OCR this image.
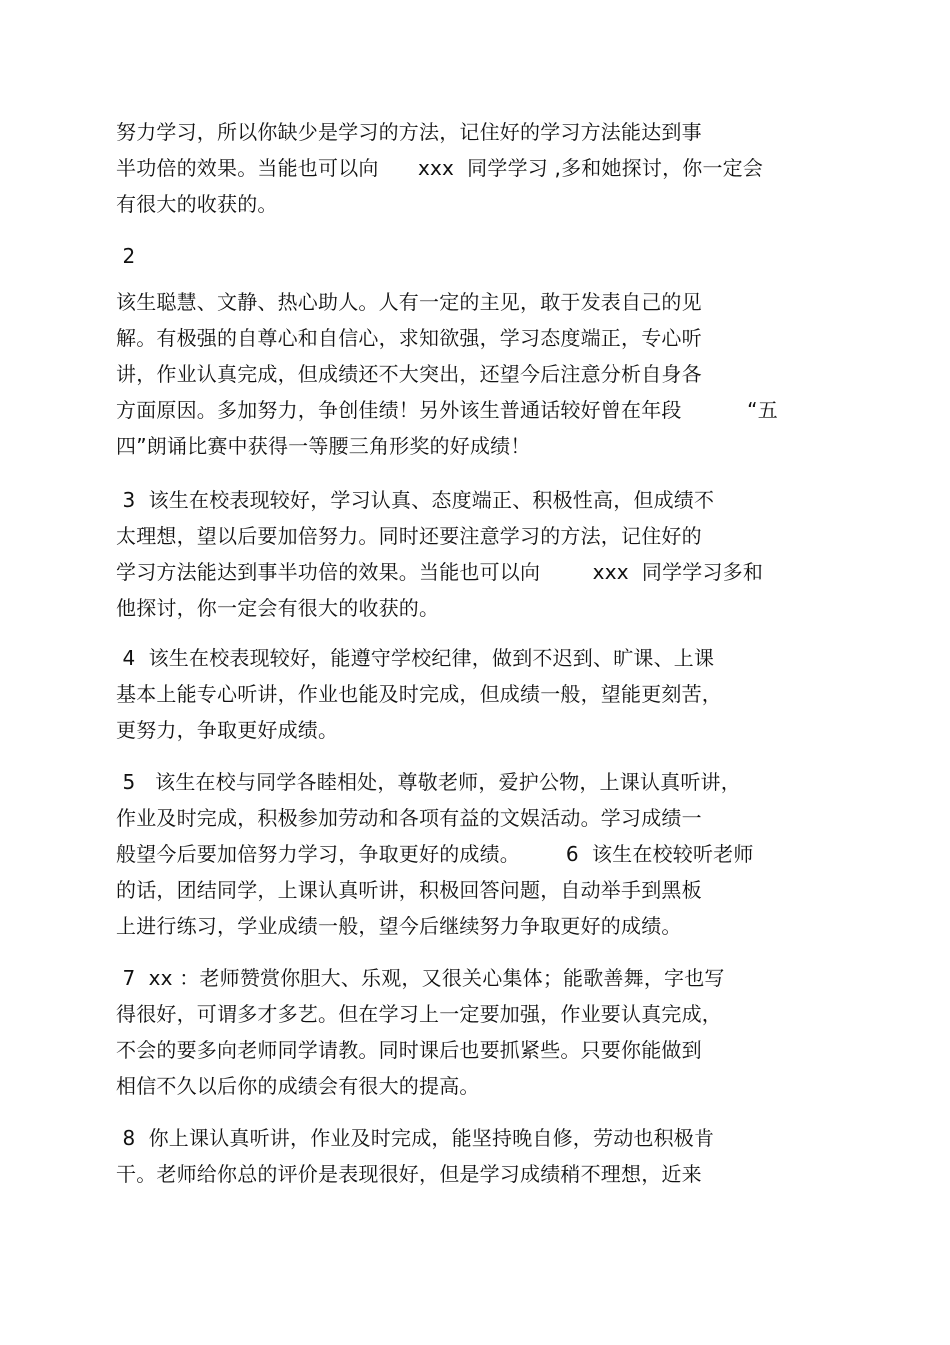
努力学习，所以你缺少是学习的方法，记住好的学习方法能达到事
半功倍的效果。当能也可以向      xxx  同学学习 ,多和她探讨，你一定会
有很大的收获的。
2
该生聪慧、文静、热心助人。人有一定的主见，敢于发表自己的见
解。有极强的自尊心和自信心，求知欲强，学习态度端正，专心听
讲，作业认真完成，但成绩还不大突出，还望今后注意分析自身各
方面原因。多加努力，争创佳绩！另外该生普通话较好曾在年段          “五
四”朗诵比赛中获得一等腰三角形奖的好成绩！
3  该生在校表现较好，学习认真、态度端正、积极性高，但成绩不
太理想，望以后要加倍努力。同时还要注意学习的方法，记住好的
学习方法能达到事半功倍的效果。当能也可以向        xxx  同学学习多和
他探讨，你一定会有很大的收获的。
4  该生在校表现较好，能遵守学校纪律，做到不迟到、旷课、上课
基本上能专心听讲，作业也能及时完成，但成绩一般，望能更刻苦，
更努力，争取更好成绩。
5   该生在校与同学各睦相处，尊敬老师，爱护公物，上课认真听讲，
作业及时完成，积极参加劳动和各项有益的文娱活动。学习成绩一
般望今后要加倍努力学习，争取更好的成绩。       6  该生在校较听老师
的话，团结同学，上课认真听讲，积极回答问题，自动举手到黑板
上进行练习，学业成绩一般，望今后继续努力争取更好的成绩。
7  xx ：老师赞赏你胆大、乐观，又很关心集体；能歌善舞，字也写
得很好，可谓多才多艺。但在学习上一定要加强，作业要认真完成，
不会的要多向老师同学请教。同时课后也要抓紧些。只要你能做到
相信不久以后你的成绩会有很大的提高。
8  你上课认真听讲，作业及时完成，能坚持晚自修，劳动也积极肯
干。老师给你总的评价是表现很好，但是学习成绩稍不理想，近来
